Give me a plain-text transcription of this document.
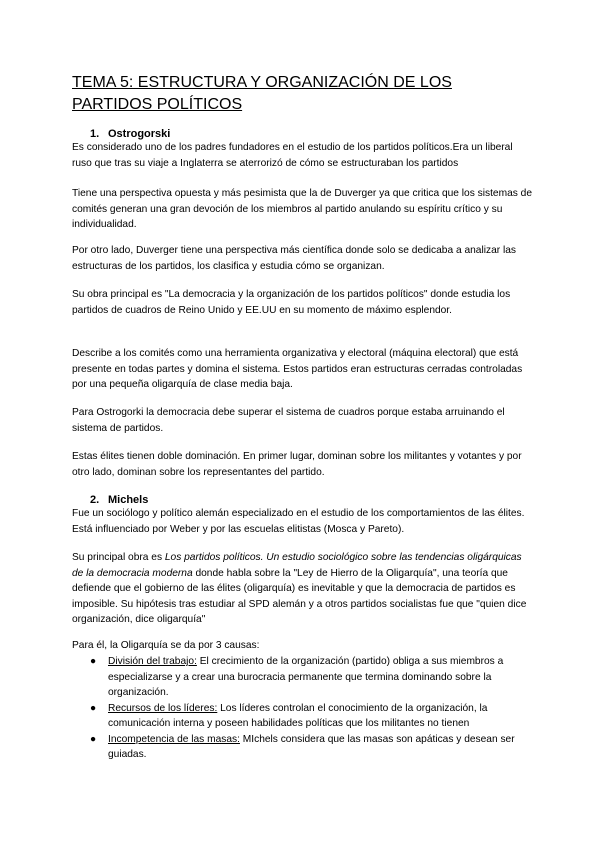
TEMA 5: ESTRUCTURA Y ORGANIZACIÓN DE LOS PARTIDOS POLÍTICOS
1. Ostrogorski
Es considerado uno de los padres fundadores en el estudio de los partidos políticos.Era un liberal ruso que tras su viaje a Inglaterra se aterrorizó de cómo se estructuraban los partidos
Tiene una perspectiva opuesta y más pesimista que la de Duverger ya que critica que los sistemas de comités generan una gran devoción de los miembros al partido anulando su espíritu crítico y su individualidad.
Por otro lado, Duverger tiene una perspectiva más científica donde solo se dedicaba a analizar las estructuras de los partidos, los clasifica y estudia cómo se organizan.
Su obra principal es "La democracia y la organización de los partidos políticos" donde estudia los partidos de cuadros de Reino Unido y EE.UU en su momento de máximo esplendor.
Describe a los comités como una herramienta organizativa y electoral (máquina electoral) que está presente en todas partes y domina el sistema. Estos partidos eran estructuras cerradas controladas por una pequeña oligarquía de clase media baja.
Para Ostrogorki la democracia debe superar el sistema de cuadros porque estaba arruinando el sistema de partidos.
Estas élites tienen doble dominación. En primer lugar, dominan sobre los militantes y votantes y por otro lado, dominan sobre los representantes del partido.
2. Michels
Fue un sociólogo y político alemán especializado en el estudio de los comportamientos de las élites. Está influenciado por Weber y por las escuelas elitistas (Mosca y Pareto).
Su principal obra es Los partidos políticos. Un estudio sociológico sobre las tendencias oligárquicas de la democracia moderna donde habla sobre la "Ley de Hierro de la Oligarquía", una teoría que defiende que el gobierno de las élites (oligarquía) es inevitable y que la democracia de partidos es imposible. Su hipótesis tras estudiar al SPD alemán y a otros partidos socialistas fue que "quien dice organización, dice oligarquía"
Para él, la Oligarquía se da por 3 causas:
● División del trabajo: El crecimiento de la organización (partido) obliga a sus miembros a especializarse y a crear una burocracia permanente que termina dominando sobre la organización.
● Recursos de los líderes: Los líderes controlan el conocimiento de la organización, la comunicación interna y poseen habilidades políticas que los militantes no tienen
● Incompetencia de las masas: MIchels considera que las masas son apáticas y desean ser guiadas.
